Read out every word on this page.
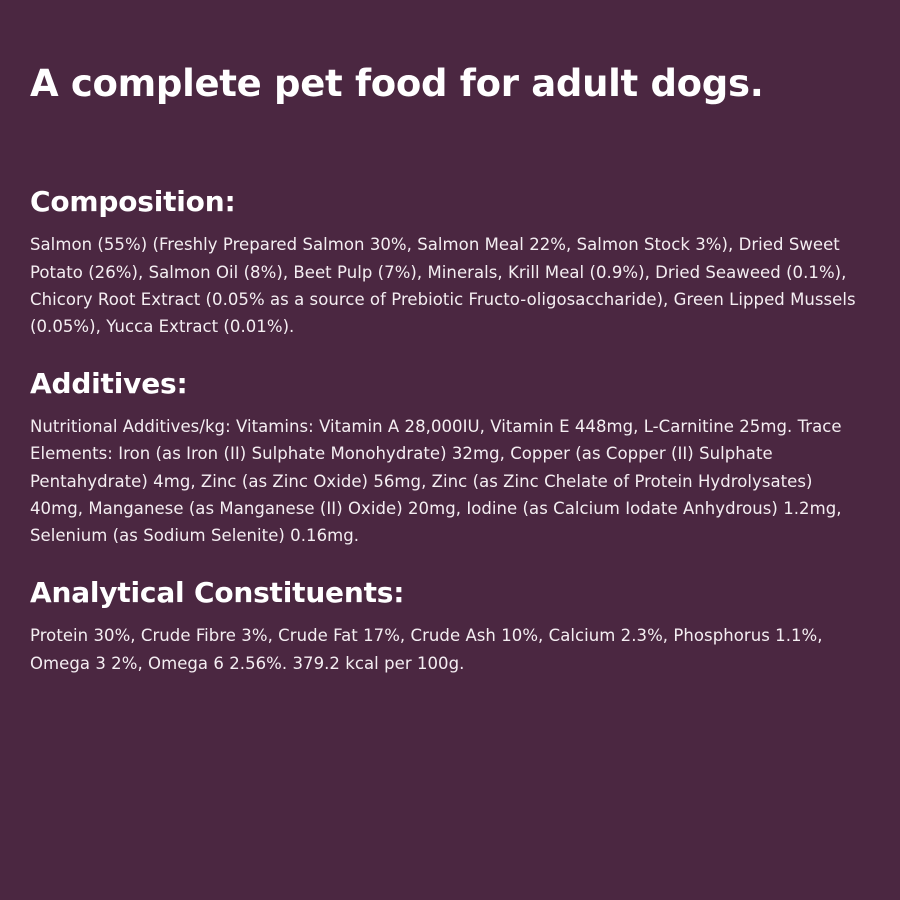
A complete pet food for adult dogs.
Composition:

Salmon (55%) (Freshly Prepared Salmon 30%, Salmon Meal 22%, Salmon Stock 3%), Dried Sweet Potato (26%), Salmon Oil (8%), Beet Pulp (7%), Minerals, Krill Meal (0.9%), Dried Seaweed (0.1%), Chicory Root Extract (0.05% as a source of Prebiotic Fructo-oligosaccharide), Green Lipped Mussels (0.05%), Yucca Extract (0.01%).

Additives:

Nutritional Additives/kg: Vitamins: Vitamin A 28,000IU, Vitamin E 448mg, L-Carnitine 25mg. Trace Elements: Iron (as Iron (II) Sulphate Monohydrate) 32mg, Copper (as Copper (II) Sulphate Pentahydrate) 4mg, Zinc (as Zinc Oxide) 56mg, Zinc (as Zinc Chelate of Protein Hydrolysates) 40mg, Manganese (as Manganese (II) Oxide) 20mg, Iodine (as Calcium Iodate Anhydrous) 1.2mg, Selenium (as Sodium Selenite) 0.16mg.

Analytical Constituents:

Protein 30%, Crude Fibre 3%, Crude Fat 17%, Crude Ash 10%, Calcium 2.3%, Phosphorus 1.1%, Omega 3 2%, Omega 6 2.56%. 379.2 kcal per 100g.
